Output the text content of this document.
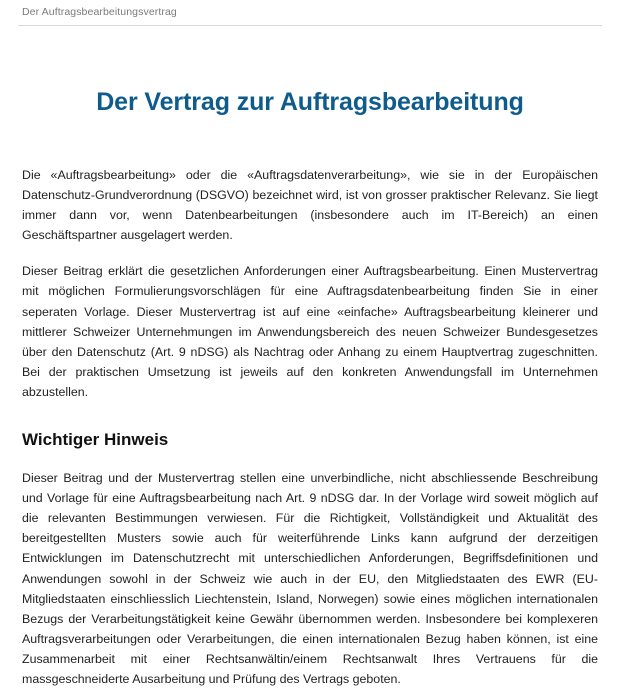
Der Auftragsbearbeitungsvertrag
Der Vertrag zur Auftragsbearbeitung

Die «Auftragsbearbeitung» oder die «Auftragsdatenverarbeitung», wie sie in der Europäischen Datenschutz-Grundverordnung (DSGVO) bezeichnet wird, ist von grosser praktischer Relevanz. Sie liegt immer dann vor, wenn Datenbearbeitungen (insbesondere auch im IT-Bereich) an einen Geschäftspartner ausgelagert werden.

Dieser Beitrag erklärt die gesetzlichen Anforderungen einer Auftragsbearbeitung. Einen Mustervertrag mit möglichen Formulierungsvorschlägen für eine Auftragsdatenbearbeitung finden Sie in einer seperaten Vorlage. Dieser Mustervertrag ist auf eine «einfache» Auftragsbearbeitung kleinerer und mittlerer Schweizer Unternehmungen im Anwendungsbereich des neuen Schweizer Bundesgesetzes über den Datenschutz (Art. 9 nDSG) als Nachtrag oder Anhang zu einem Hauptvertrag zugeschnitten. Bei der praktischen Umsetzung ist jeweils auf den konkreten Anwendungsfall im Unternehmen abzustellen.

Wichtiger Hinweis

Dieser Beitrag und der Mustervertrag stellen eine unverbindliche, nicht abschliessende Beschreibung und Vorlage für eine Auftragsbearbeitung nach Art. 9 nDSG dar. In der Vorlage wird soweit möglich auf die relevanten Bestimmungen verwiesen. Für die Richtigkeit, Vollständigkeit und Aktualität des bereitgestellten Musters sowie auch für weiterführende Links kann aufgrund der derzeitigen Entwicklungen im Datenschutzrecht mit unterschiedlichen Anforderungen, Begriffsdefinitionen und Anwendungen sowohl in der Schweiz wie auch in der EU, den Mitgliedstaaten des EWR (EU-Mitgliedstaaten einschliesslich Liechtenstein, Island, Norwegen) sowie eines möglichen internationalen Bezugs der Verarbeitungstätigkeit keine Gewähr übernommen werden. Insbesondere bei komplexeren Auftragsverarbeitungen oder Verarbeitungen, die einen internationalen Bezug haben können, ist eine Zusammenarbeit mit einer Rechtsanwältin/einem Rechtsanwalt Ihres Vertrauens für die massgeschneiderte Ausarbeitung und Prüfung des Vertrags geboten.
